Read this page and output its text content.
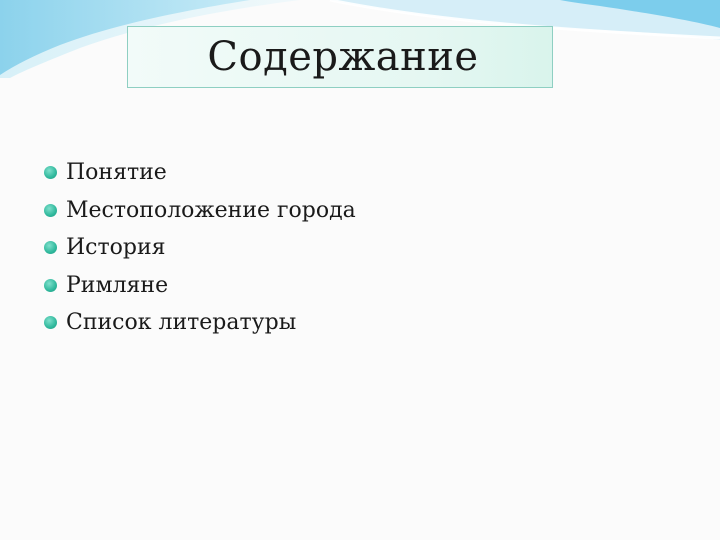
Содержание
Понятие
Местоположение города
История
Римляне
Список литературы
